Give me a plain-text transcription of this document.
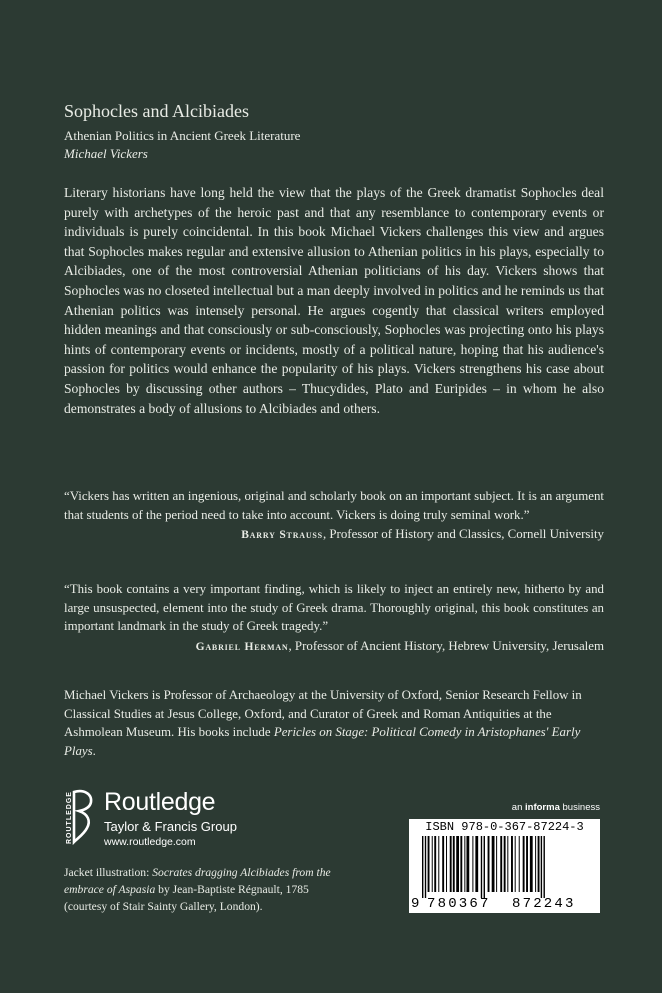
Sophocles and Alcibiades
Athenian Politics in Ancient Greek Literature
Michael Vickers
Literary historians have long held the view that the plays of the Greek dramatist Sophocles deal purely with archetypes of the heroic past and that any resemblance to contemporary events or individuals is purely coincidental. In this book Michael Vickers challenges this view and argues that Sophocles makes regular and extensive allusion to Athenian politics in his plays, especially to Alcibiades, one of the most controversial Athenian politicians of his day. Vickers shows that Sophocles was no closeted intellectual but a man deeply involved in politics and he reminds us that Athenian politics was intensely personal. He argues cogently that classical writers employed hidden meanings and that consciously or sub-consciously, Sophocles was projecting onto his plays hints of contemporary events or incidents, mostly of a political nature, hoping that his audience's passion for politics would enhance the popularity of his plays. Vickers strengthens his case about Sophocles by discussing other authors – Thucydides, Plato and Euripides – in whom he also demonstrates a body of allusions to Alcibiades and others.

“Vickers has written an ingenious, original and scholarly book on an important subject. It is an argument that students of the period need to take into account. Vickers is doing truly seminal work.”

Barry Strauss, Professor of History and Classics, Cornell University

“This book contains a very important finding, which is likely to inject an entirely new, hitherto by and large unsuspected, element into the study of Greek drama. Thoroughly original, this book constitutes an important landmark in the study of Greek tragedy.”

Gabriel Herman, Professor of Ancient History, Hebrew University, Jerusalem

Michael Vickers is Professor of Archaeology at the University of Oxford, Senior Research Fellow in Classical Studies at Jesus College, Oxford, and Curator of Greek and Roman Antiquities at the Ashmolean Museum. His books include Pericles on Stage: Political Comedy in Aristophanes' Early Plays.
ROUTLEDGE Routledge
Taylor & Francis Group
www.routledge.com
Jacket illustration: Socrates dragging Alcibiades from the embrace of Aspasia by Jean-Baptiste Régnault, 1785 (courtesy of Stair Sainty Gallery, London).
an informa business
ISBN 978-0-367-87224-3
9 780367 872243
